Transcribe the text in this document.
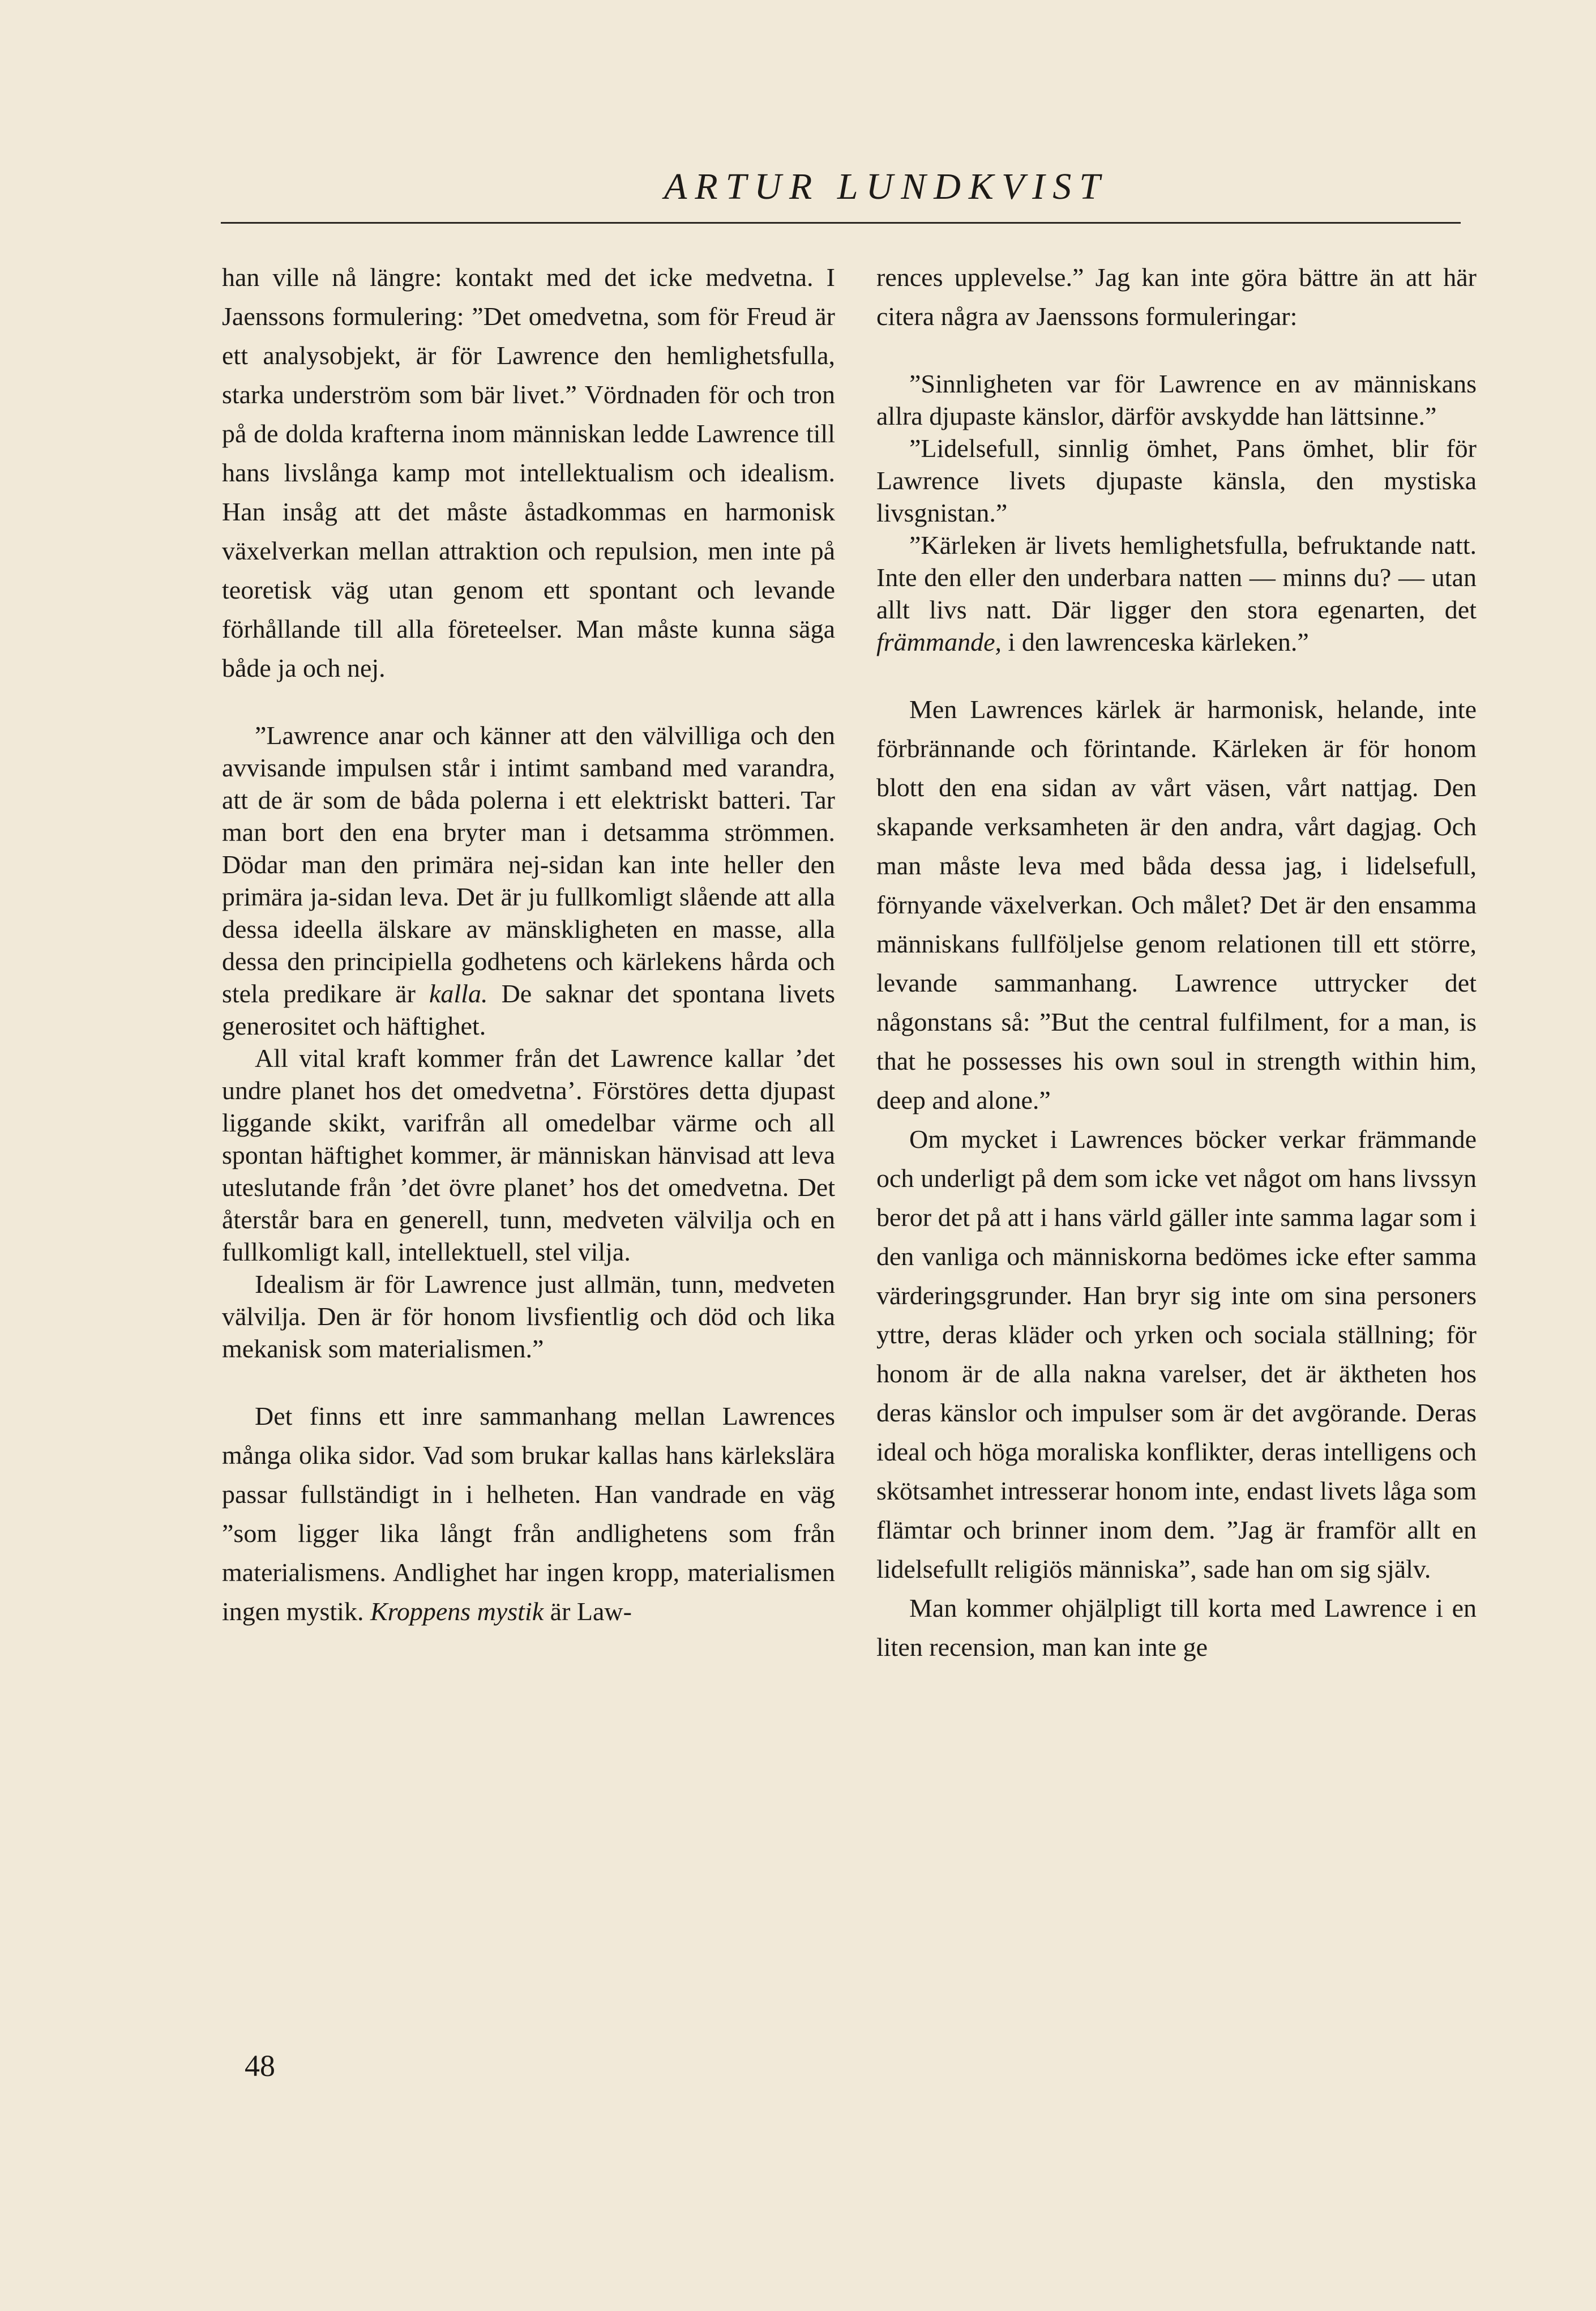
ARTUR LUNDKVIST

han ville nå längre: kontakt med det icke medvetna. I Jaenssons formulering: ”Det omedvetna, som för Freud är ett analysobjekt, är för Lawrence den hemlighetsfulla, starka underström som bär livet.” Vördnaden för och tron på de dolda krafterna inom människan ledde Lawrence till hans livslånga kamp mot intellektualism och idealism. Han insåg att det måste åstadkommas en harmonisk växelverkan mellan attraktion och repulsion, men inte på teoretisk väg utan genom ett spontant och levande förhållande till alla företeelser. Man måste kunna säga både ja och nej.

”Lawrence anar och känner att den välvilliga och den avvisande impulsen står i intimt samband med varandra, att de är som de båda polerna i ett elektriskt batteri. Tar man bort den ena bryter man i detsamma strömmen. Dödar man den primära nej-sidan kan inte heller den primära ja-sidan leva. Det är ju fullkomligt slående att alla dessa ideella älskare av mänskligheten en masse, alla dessa den principiella godhetens och kärlekens hårda och stela predikare är kalla. De saknar det spontana livets generositet och häftighet.

All vital kraft kommer från det Lawrence kallar ’det undre planet hos det omedvetna’. Förstöres detta djupast liggande skikt, varifrån all omedelbar värme och all spontan häftighet kommer, är människan hänvisad att leva uteslutande från ’det övre planet’ hos det omedvetna. Det återstår bara en generell, tunn, medveten välvilja och en fullkomligt kall, intellektuell, stel vilja.

Idealism är för Lawrence just allmän, tunn, medveten välvilja. Den är för honom livsfientlig och död och lika mekanisk som materialismen.”

Det finns ett inre sammanhang mellan Lawrences många olika sidor. Vad som brukar kallas hans kärlekslära passar fullständigt in i helheten. Han vandrade en väg ”som ligger lika långt från andlighetens som från materialismens. Andlighet har ingen kropp, materialismen ingen mystik. Kroppens mystik är Law-

rences upplevelse.” Jag kan inte göra bättre än att här citera några av Jaenssons formuleringar:

”Sinnligheten var för Lawrence en av människans allra djupaste känslor, därför avskydde han lättsinne.”

”Lidelsefull, sinnlig ömhet, Pans ömhet, blir för Lawrence livets djupaste känsla, den mystiska livsgnistan.”

”Kärleken är livets hemlighetsfulla, befruktande natt. Inte den eller den underbara natten — minns du? — utan allt livs natt. Där ligger den stora egenarten, det främmande, i den lawrenceska kärleken.”

Men Lawrences kärlek är harmonisk, helande, inte förbrännande och förintande. Kärleken är för honom blott den ena sidan av vårt väsen, vårt nattjag. Den skapande verksamheten är den andra, vårt dagjag. Och man måste leva med båda dessa jag, i lidelsefull, förnyande växelverkan. Och målet? Det är den ensamma människans fullföljelse genom relationen till ett större, levande sammanhang. Lawrence uttrycker det någonstans så: ”But the central fulfilment, for a man, is that he possesses his own soul in strength within him, deep and alone.”

Om mycket i Lawrences böcker verkar främmande och underligt på dem som icke vet något om hans livssyn beror det på att i hans värld gäller inte samma lagar som i den vanliga och människorna bedömes icke efter samma värderingsgrunder. Han bryr sig inte om sina personers yttre, deras kläder och yrken och sociala ställning; för honom är de alla nakna varelser, det är äktheten hos deras känslor och impulser som är det avgörande. Deras ideal och höga moraliska konflikter, deras intelligens och skötsamhet intresserar honom inte, endast livets låga som flämtar och brinner inom dem. ”Jag är framför allt en lidelsefullt religiös människa”, sade han om sig själv.

Man kommer ohjälpligt till korta med Lawrence i en liten recension, man kan inte ge

48
